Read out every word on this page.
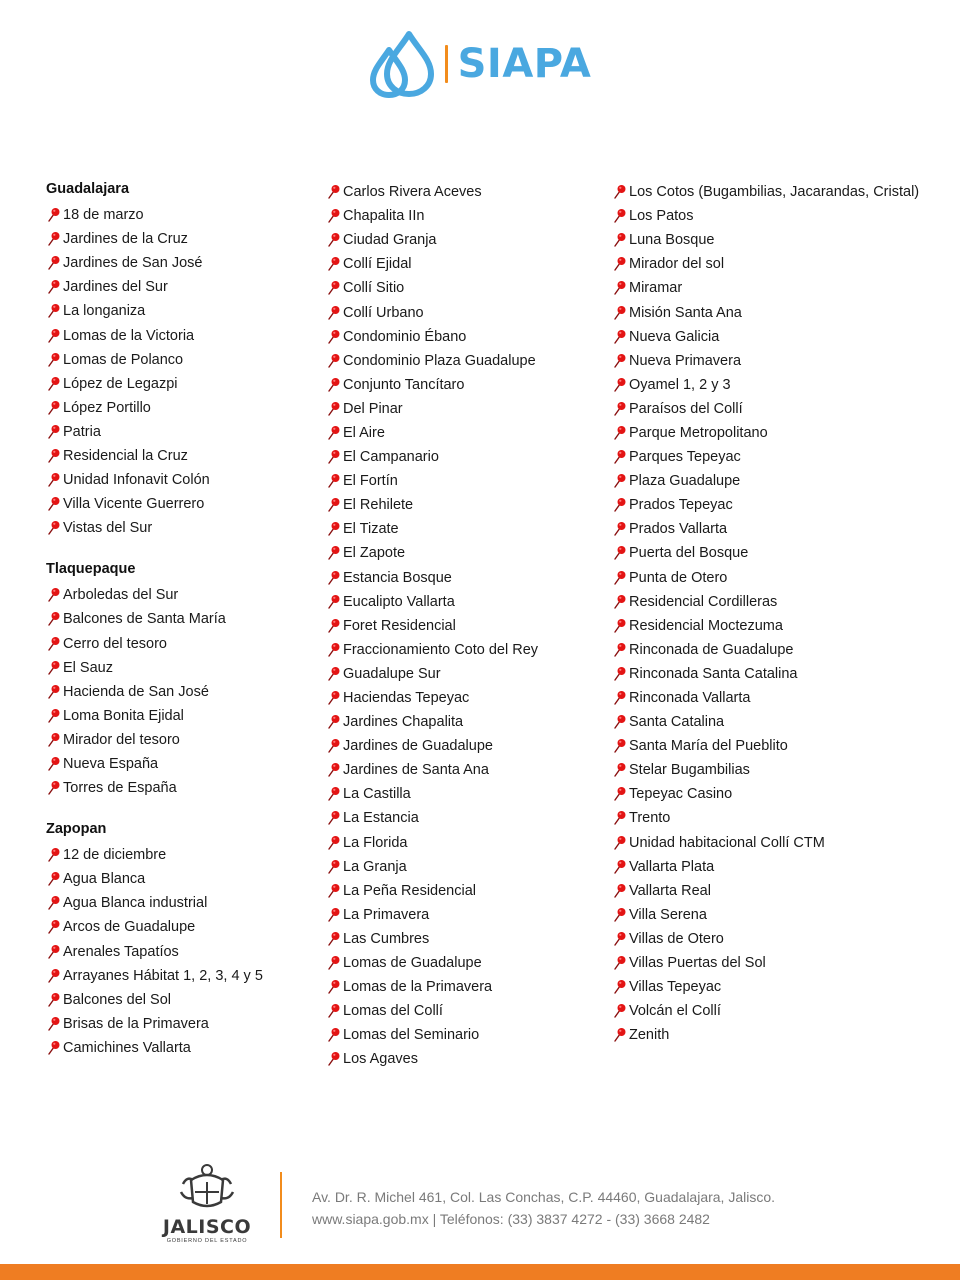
SIAPA
Guadalajara
18 de marzo
Jardines de la Cruz
Jardines de San José
Jardines del Sur
La longaniza
Lomas de la Victoria
Lomas de Polanco
López de Legazpi
López Portillo
Patria
Residencial la Cruz
Unidad Infonavit Colón
Villa Vicente Guerrero
Vistas del Sur
Tlaquepaque
Arboledas del Sur
Balcones de Santa María
Cerro del tesoro
El Sauz
Hacienda de San José
Loma Bonita Ejidal
Mirador del tesoro
Nueva España
Torres de España
Zapopan
12 de diciembre
Agua Blanca
Agua Blanca industrial
Arcos de Guadalupe
Arenales Tapatíos
Arrayanes Hábitat 1, 2, 3, 4 y 5
Balcones del Sol
Brisas de la Primavera
Camichines Vallarta
Carlos Rivera Aceves
Chapalita IIn
Ciudad Granja
Collí Ejidal
Collí Sitio
Collí Urbano
Condominio Ébano
Condominio Plaza Guadalupe
Conjunto Tancítaro
Del Pinar
El Aire
El Campanario
El Fortín
El Rehilete
El Tizate
El Zapote
Estancia Bosque
Eucalipto Vallarta
Foret Residencial
Fraccionamiento Coto del Rey
Guadalupe Sur
Haciendas Tepeyac
Jardines Chapalita
Jardines de Guadalupe
Jardines de Santa Ana
La Castilla
La Estancia
La Florida
La Granja
La Peña Residencial
La Primavera
Las Cumbres
Lomas de Guadalupe
Lomas de la Primavera
Lomas del Collí
Lomas del Seminario
Los Agaves
Los Cotos (Bugambilias, Jacarandas, Cristal)
Los Patos
Luna Bosque
Mirador del sol
Miramar
Misión Santa Ana
Nueva Galicia
Nueva Primavera
Oyamel 1, 2 y 3
Paraísos del Collí
Parque Metropolitano
Parques Tepeyac
Plaza Guadalupe
Prados Tepeyac
Prados Vallarta
Puerta del Bosque
Punta de Otero
Residencial Cordilleras
Residencial Moctezuma
Rinconada de Guadalupe
Rinconada Santa Catalina
Rinconada Vallarta
Santa Catalina
Santa María del Pueblito
Stelar Bugambilias
Tepeyac Casino
Trento
Unidad habitacional Collí CTM
Vallarta Plata
Vallarta Real
Villa Serena
Villas de Otero
Villas Puertas del Sol
Villas Tepeyac
Volcán el Collí
Zenith
JALISCO
GOBIERNO DEL ESTADO
Av. Dr. R. Michel 461, Col. Las Conchas, C.P. 44460, Guadalajara, Jalisco.
www.siapa.gob.mx | Teléfonos: (33) 3837 4272 - (33) 3668 2482
